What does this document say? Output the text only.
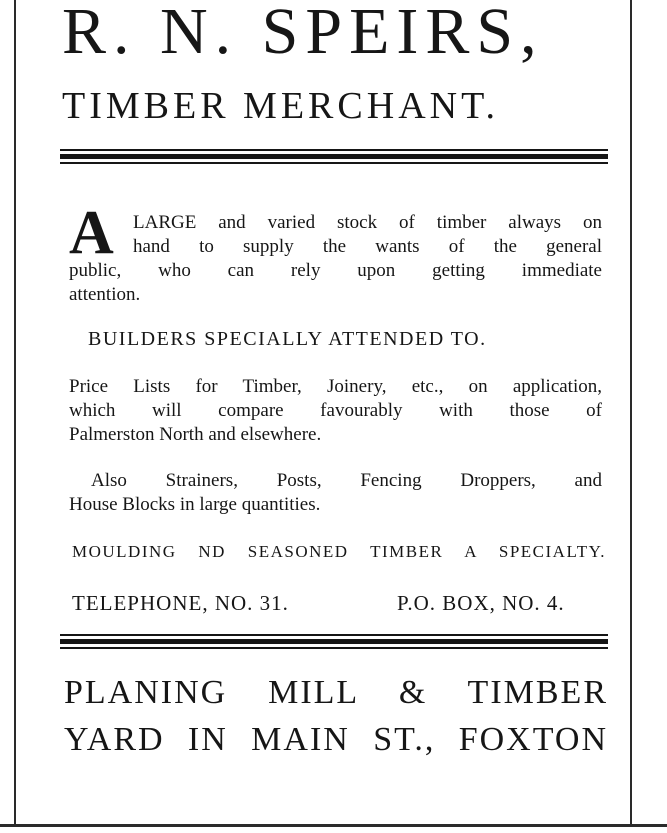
R. N. SPEIRS,
TIMBER MERCHANT.
A	LARGE and varied stock of timber always on
hand to supply the wants of the general
public, who can rely upon getting immediate
attention.

BUILDERS SPECIALLY ATTENDED TO.

Price Lists for Timber, Joinery, etc., on application,
which will compare favourably with those of
Palmerston North and elsewhere.
Also Strainers, Posts, Fencing Droppers, and
House Blocks in large quantities.

MOULDING ND SEASONED TIMBER A SPECIALTY.

TELEPHONE, NO. 31.	P.O. BOX, NO. 4.
PLANING MILL & TIMBER
YARD IN MAIN ST., FOXTON
